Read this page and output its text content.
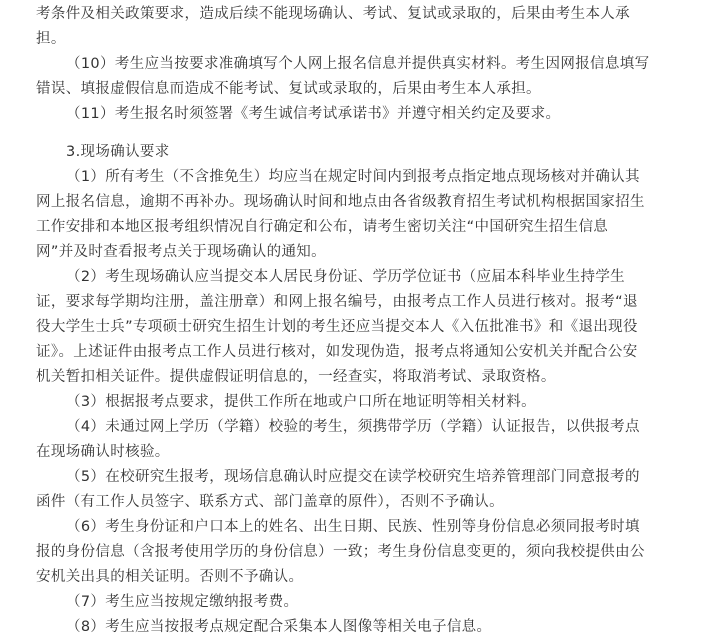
考条件及相关政策要求，造成后续不能现场确认、考试、复试或录取的，后果由考生本人承
担。
（10）考生应当按要求准确填写个人网上报名信息并提供真实材料。考生因网报信息填写
错误、填报虚假信息而造成不能考试、复试或录取的，后果由考生本人承担。
（11）考生报名时须签署《考生诚信考试承诺书》并遵守相关约定及要求。
3.现场确认要求
（1）所有考生（不含推免生）均应当在规定时间内到报考点指定地点现场核对并确认其
网上报名信息，逾期不再补办。现场确认时间和地点由各省级教育招生考试机构根据国家招生
工作安排和本地区报考组织情况自行确定和公布，请考生密切关注“中国研究生招生信息
网”并及时查看报考点关于现场确认的通知。
（2）考生现场确认应当提交本人居民身份证、学历学位证书（应届本科毕业生持学生
证，要求每学期均注册，盖注册章）和网上报名编号，由报考点工作人员进行核对。报考“退
役大学生士兵”专项硕士研究生招生计划的考生还应当提交本人《入伍批准书》和《退出现役
证》。上述证件由报考点工作人员进行核对，如发现伪造，报考点将通知公安机关并配合公安
机关暂扣相关证件。提供虚假证明信息的，一经查实，将取消考试、录取资格。
（3）根据报考点要求，提供工作所在地或户口所在地证明等相关材料。
（4）未通过网上学历（学籍）校验的考生，须携带学历（学籍）认证报告，以供报考点
在现场确认时核验。
（5）在校研究生报考，现场信息确认时应提交在读学校研究生培养管理部门同意报考的
函件（有工作人员签字、联系方式、部门盖章的原件），否则不予确认。
（6）考生身份证和户口本上的姓名、出生日期、民族、性别等身份信息必须同报考时填
报的身份信息（含报考使用学历的身份信息）一致；考生身份信息变更的，须向我校提供由公
安机关出具的相关证明。否则不予确认。
（7）考生应当按规定缴纳报考费。
（8）考生应当按报考点规定配合采集本人图像等相关电子信息。
